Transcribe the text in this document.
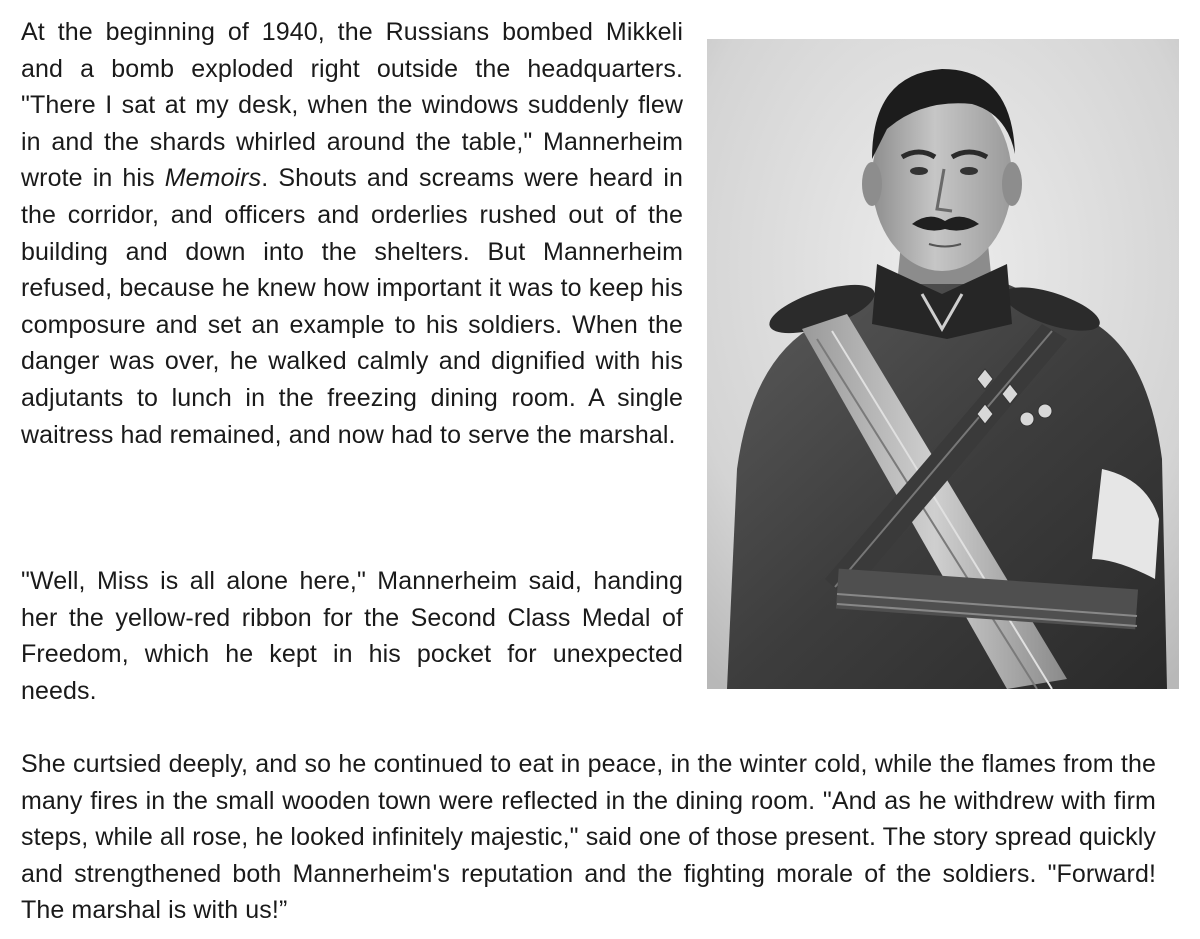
At the beginning of 1940, the Russians bombed Mikkeli and a bomb exploded right outside the headquarters. "There I sat at my desk, when the windows suddenly flew in and the shards whirled around the table," Mannerheim wrote in his Memoirs. Shouts and screams were heard in the corridor, and officers and orderlies rushed out of the building and down into the shelters. But Mannerheim refused, because he knew how important it was to keep his composure and set an example to his soldiers. When the danger was over, he walked calmly and dignified with his adjutants to lunch in the freezing dining room. A single waitress had remained, and now had to serve the marshal.

"Well, Miss is all alone here," Mannerheim said, handing her the yellow-red ribbon for the Second Class Medal of Freedom, which he kept in his pocket for unexpected needs.

She curtsied deeply, and so he continued to eat in peace, in the winter cold, while the flames from the many fires in the small wooden town were reflected in the dining room. "And as he withdrew with firm steps, while all rose, he looked infinitely majestic," said one of those present. The story spread quickly and strengthened both Mannerheim's reputation and the fighting morale of the soldiers. "Forward! The marshal is with us!”
